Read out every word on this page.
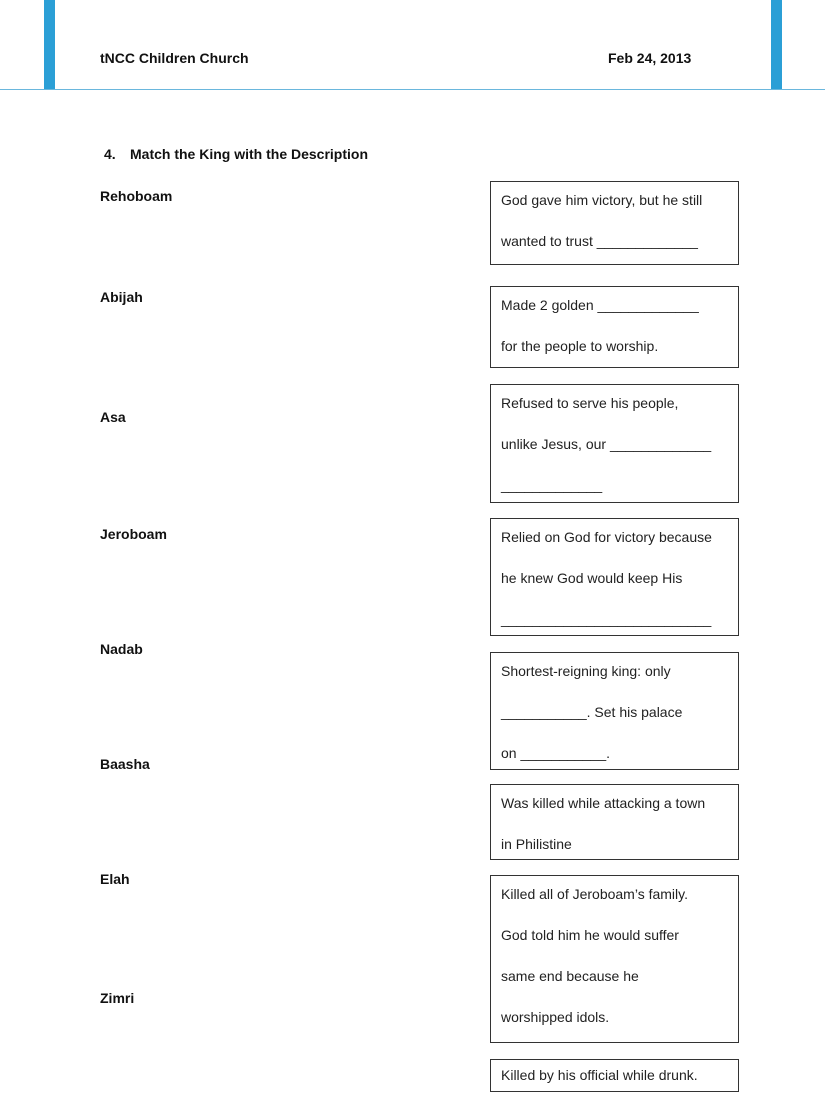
tNCC Children Church	Feb 24, 2013
4. Match the King with the Description
Rehoboam
Abijah
Asa
Jeroboam
Nadab
Baasha
Elah
Zimri
God gave him victory, but he still
wanted to trust _____________
Made 2 golden _____________
for the people to worship.
Refused to serve his people,
unlike Jesus, our _____________
_____________
Relied on God for victory because
he knew God would keep His
___________________________
Shortest-reigning king: only
___________. Set his palace
on ___________.
Was killed while attacking a town
in Philistine
Killed all of Jeroboam’s family.
God told him he would suffer
same end because he
worshipped idols.
Killed by his official while drunk.
